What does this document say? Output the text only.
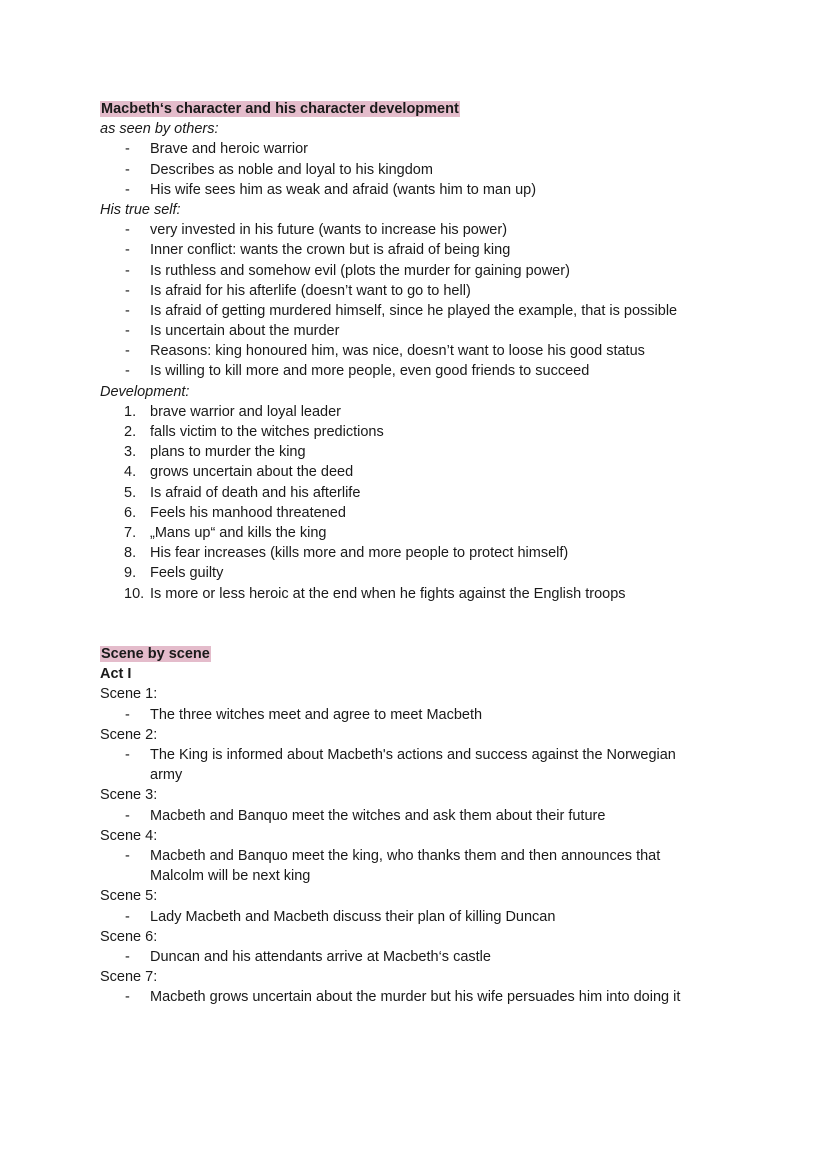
Macbeth‘s character and his character development
as seen by others:
- Brave and heroic warrior
- Describes as noble and loyal to his kingdom
- His wife sees him as weak and afraid (wants him to man up)
His true self:
- very invested in his future (wants to increase his power)
- Inner conflict: wants the crown but is afraid of being king
- Is ruthless and somehow evil (plots the murder for gaining power)
- Is afraid for his afterlife (doesn’t want to go to hell)
- Is afraid of getting murdered himself, since he played the example, that is possible
- Is uncertain about the murder
- Reasons: king honoured him, was nice, doesn’t want to loose his good status
- Is willing to kill more and more people, even good friends to succeed
Development:
1. brave warrior and loyal leader
2. falls victim to the witches predictions
3. plans to murder the king
4. grows uncertain about the deed
5. Is afraid of death and his afterlife
6. Feels his manhood threatened
7. „Mans up“ and kills the king
8. His fear increases (kills more and more people to protect himself)
9. Feels guilty
10. Is more or less heroic at the end when he fights against the English troops
Scene by scene
Act I
Scene 1:
- The three witches meet and agree to meet Macbeth
Scene 2:
- The King is informed about Macbeth's actions and success against the Norwegian army
Scene 3:
- Macbeth and Banquo meet the witches and ask them about their future
Scene 4:
- Macbeth and Banquo meet the king, who thanks them and then announces that Malcolm will be next king
Scene 5:
- Lady Macbeth and Macbeth discuss their plan of killing Duncan
Scene 6:
- Duncan and his attendants arrive at Macbeth‘s castle
Scene 7:
- Macbeth grows uncertain about the murder but his wife persuades him into doing it
